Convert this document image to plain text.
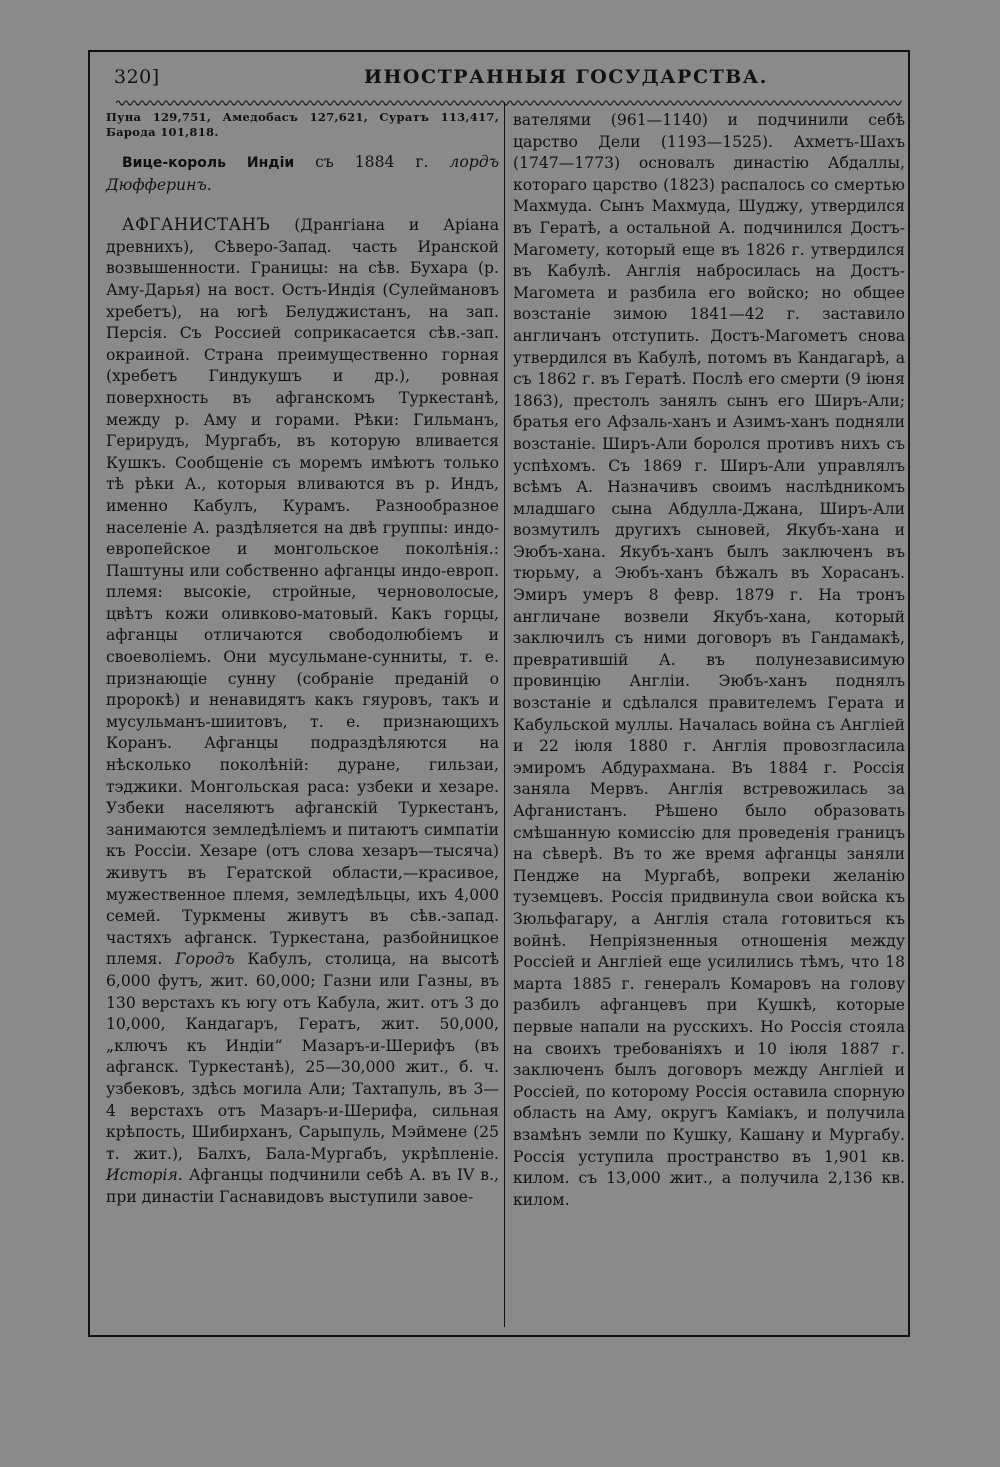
320]	ИНОСТРАННЫЯ ГОСУДАРСТВА.

Пуна 129,751, Амедобасъ 127,621, Суратъ 113,417, Барода 101,818.

Вице-король Индіи съ 1884 г. лордъ Дюфферинъ.

АФГАНИСТАНЪ (Дрангіана и Аріана древнихъ), Сѣверо-Запад. часть Иранской возвышенности. Границы: на сѣв. Бухара (р. Аму-Дарья) на вост. Остъ-Индія (Сулеймановъ хребетъ), на югѣ Белуджистанъ, на зап. Персія. Съ Россией соприкасается сѣв.-зап. окраиной. Страна преимущественно горная (хребетъ Гиндукушъ и др.), ровная поверхность въ афганскомъ Туркестанѣ, между р. Аму и горами. Рѣки: Гильманъ, Герирудъ, Мургабъ, въ которую вливается Кушкъ. Сообщеніе съ моремъ имѣютъ только тѣ рѣки А., которыя вливаются въ р. Индъ, именно Кабулъ, Курамъ. Разнообразное населеніе А. раздѣляется на двѣ группы: индо-европейское и монгольское поколѣнія.: Паштуны или собственно афганцы индо-европ. племя: высокіе, стройные, черноволосые, цвѣтъ кожи оливково-матовый. Какъ горцы, афганцы отличаются свободолюбіемъ и своеволіемъ. Они мусульмане-сунниты, т. е. признающіе сунну (собраніе преданій о пророкѣ) и ненавидятъ какъ гяуровъ, такъ и мусульманъ-шиитовъ, т. е. признающихъ Коранъ. Афганцы подраздѣляются на нѣсколько поколѣній: дуране, гильзаи, тэджики. Монгольская раса: узбеки и хезаре. Узбеки населяютъ афганскій Туркестанъ, занимаются земледѣліемъ и питаютъ симпатіи къ Россіи. Хезаре (отъ слова хезаръ—тысяча) живутъ въ Гератской области,—красивое, мужественное племя, земледѣльцы, ихъ 4,000 семей. Туркмены живутъ въ сѣв.-запад. частяхъ афганск. Туркестана, разбойницкое племя. Городъ Кабулъ, столица, на высотѣ 6,000 футъ, жит. 60,000; Газни или Газны, въ 130 верстахъ къ югу отъ Кабула, жит. отъ 3 до 10,000, Кандагаръ, Гератъ, жит. 50,000, „ключъ къ Индіи“ Мазаръ-и-Шерифъ (въ афганск. Туркестанѣ), 25—30,000 жит., б. ч. узбековъ, здѣсь могила Али; Тахтапуль, въ 3—4 верстахъ отъ Мазаръ-и-Шерифа, сильная крѣпость, Шибирханъ, Сарыпуль, Мэймене (25 т. жит.), Балхъ, Бала-Мургабъ, укрѣпленіе. Исторія. Афганцы подчинили себѣ А. въ IV в., при династіи Гаснавидовъ выступили завое-

вателями (961—1140) и подчинили себѣ царство Дели (1193—1525). Ахметъ-Шахъ (1747—1773) основалъ династію Абдаллы, котораго царство (1823) распалось со смертью Махмуда. Сынъ Махмуда, Шуджу, утвердился въ Гератѣ, а остальной А. подчинился Достъ-Магомету, который еще въ 1826 г. утвердился въ Кабулѣ. Англія набросилась на Достъ-Магомета и разбила его войско; но общее возстаніе зимою 1841—42 г. заставило англичанъ отступить. Достъ-Магометъ снова утвердился въ Кабулѣ, потомъ въ Кандагарѣ, а съ 1862 г. въ Гератѣ. Послѣ его смерти (9 іюня 1863), престолъ занялъ сынъ его Ширъ-Али; братья его Афзаль-ханъ и Азимъ-ханъ подняли возстаніе. Ширъ-Али боролся противъ нихъ съ успѣхомъ. Съ 1869 г. Ширъ-Али управлялъ всѣмъ А. Назначивъ своимъ наслѣдникомъ младшаго сына Абдулла-Джана, Ширъ-Али возмутилъ другихъ сыновей, Якубъ-хана и Эюбъ-хана. Якубъ-ханъ былъ заключенъ въ тюрьму, а Эюбъ-ханъ бѣжалъ въ Хорасанъ. Эмиръ умеръ 8 февр. 1879 г. На тронъ англичане возвели Якубъ-хана, который заключилъ съ ними договоръ въ Гандамакѣ, превратившій А. въ полунезависимую провинцію Англіи. Эюбъ-ханъ поднялъ возстаніе и сдѣлался правителемъ Герата и Кабульской муллы. Началась война съ Англіей и 22 іюля 1880 г. Англія провозгласила эмиромъ Абдурахмана. Въ 1884 г. Россія заняла Мервъ. Англія встревожилась за Афганистанъ. Рѣшено было образовать смѣшанную комиссію для проведенія границъ на сѣверѣ. Въ то же время афганцы заняли Пендже на Мургабѣ, вопреки желанію туземцевъ. Россія придвинула свои войска къ Зюльфагару, а Англія стала готовиться къ войнѣ. Непріязненныя отношенія между Россіей и Англіей еще усилились тѣмъ, что 18 марта 1885 г. генералъ Комаровъ на голову разбилъ афганцевъ при Кушкѣ, которые первые напали на русскихъ. Но Россія стояла на своихъ требованіяхъ и 10 іюля 1887 г. заключенъ былъ договоръ между Англіей и Россіей, по которому Россія оставила спорную область на Аму, округъ Каміакъ, и получила взамѣнъ земли по Кушку, Кашану и Мургабу. Россія уступила пространство въ 1,901 кв. килом. съ 13,000 жит., а получила 2,136 кв. килом.
